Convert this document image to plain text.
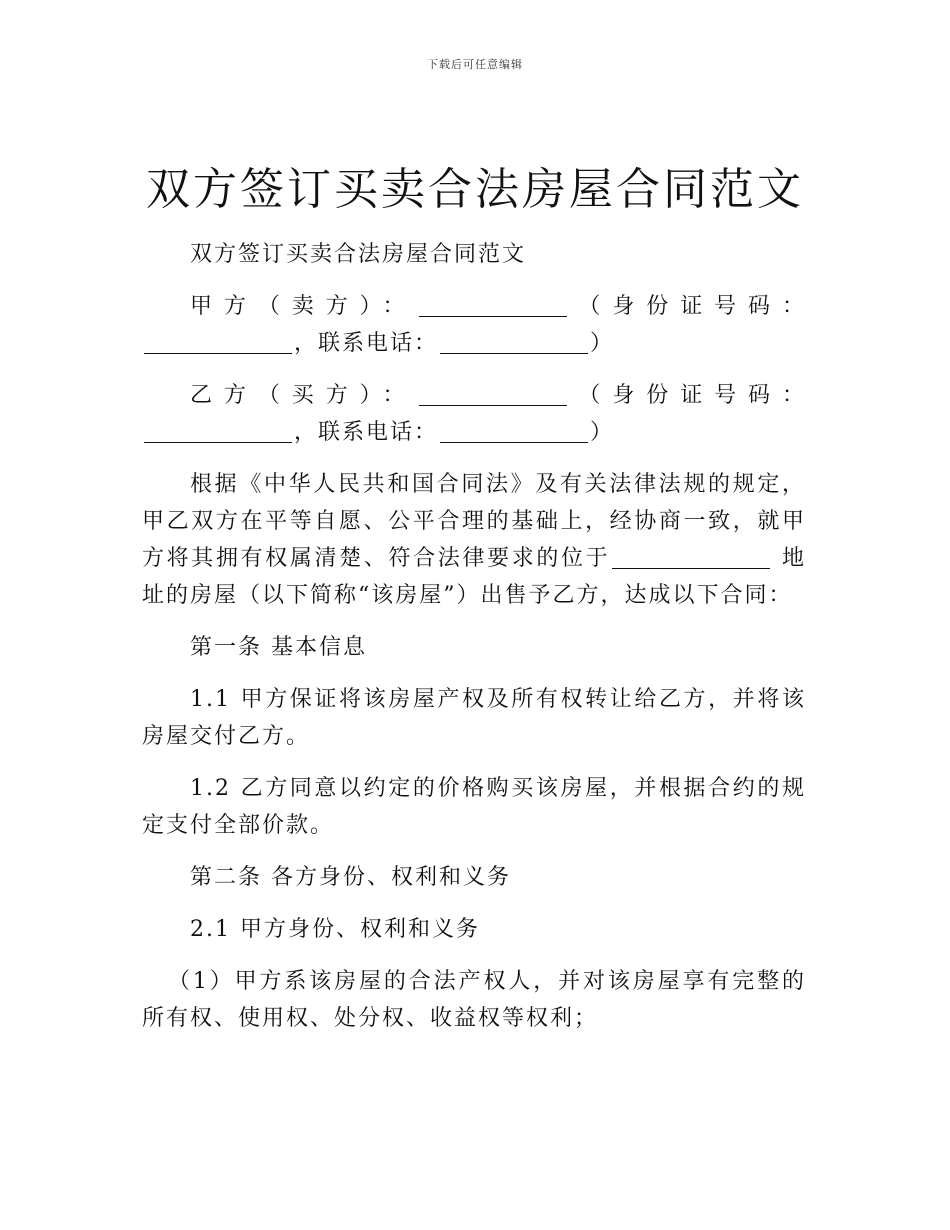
下载后可任意编辑
双方签订买卖合法房屋合同范文

双方签订买卖合法房屋合同范文

甲方（卖方）：	（身份证号码：，联系电话：	）

乙方（买方）：	（身份证号码：，联系电话：	）

根据《中华人民共和国合同法》及有关法律法规的规定，甲乙双方在平等自愿、公平合理的基础上，经协商一致，就甲方将其拥有权属清楚、符合法律要求的位于	地址的房屋（以下简称“该房屋”）出售予乙方，达成以下合同：

第一条 基本信息

1.1 甲方保证将该房屋产权及所有权转让给乙方，并将该房屋交付乙方。

1.2 乙方同意以约定的价格购买该房屋，并根据合约的规定支付全部价款。

第二条 各方身份、权利和义务

2.1 甲方身份、权利和义务

（1）甲方系该房屋的合法产权人，并对该房屋享有完整的所有权、使用权、处分权、收益权等权利；
